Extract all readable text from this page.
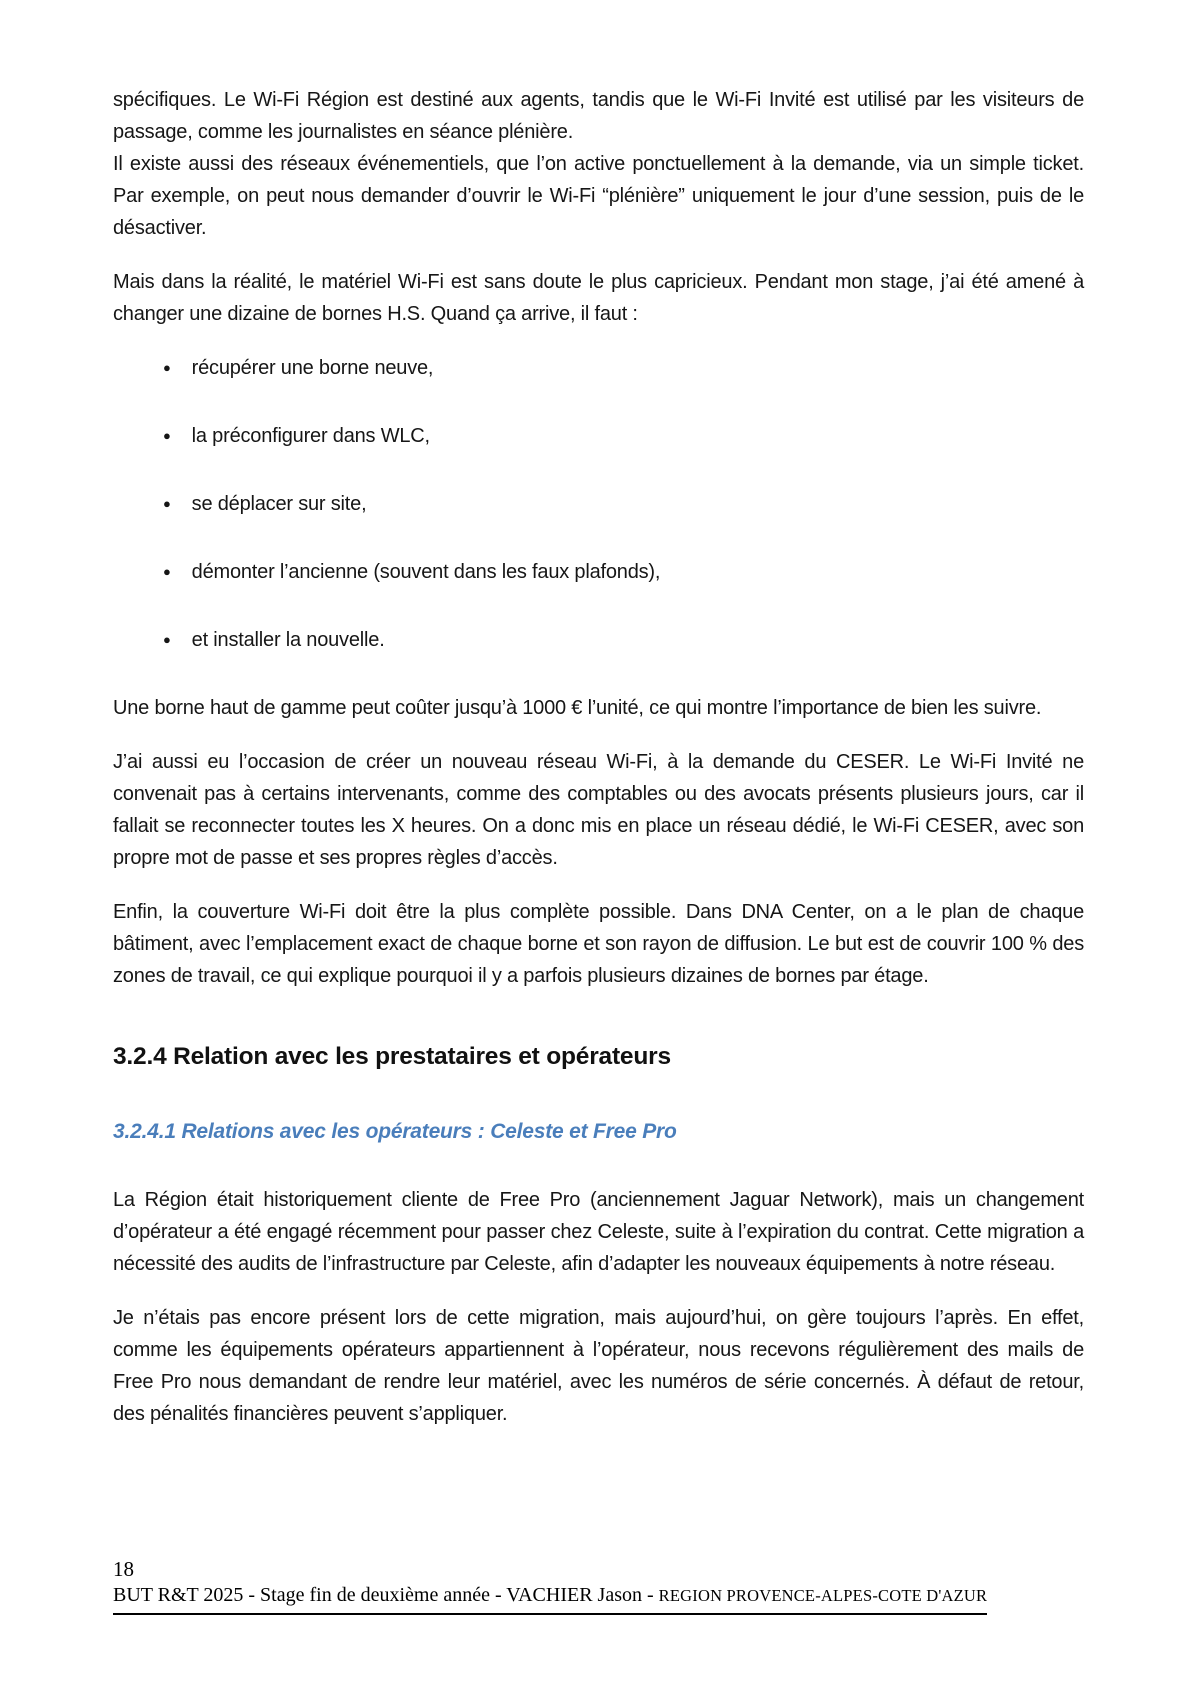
spécifiques. Le Wi-Fi Région est destiné aux agents, tandis que le Wi-Fi Invité est utilisé par les visiteurs de passage, comme les journalistes en séance plénière.

Il existe aussi des réseaux événementiels, que l’on active ponctuellement à la demande, via un simple ticket. Par exemple, on peut nous demander d’ouvrir le Wi-Fi “plénière” uniquement le jour d’une session, puis de le désactiver.

Mais dans la réalité, le matériel Wi-Fi est sans doute le plus capricieux. Pendant mon stage, j’ai été amené à changer une dizaine de bornes H.S. Quand ça arrive, il faut :

● récupérer une borne neuve,
● la préconfigurer dans WLC,
● se déplacer sur site,
● démonter l’ancienne (souvent dans les faux plafonds),
● et installer la nouvelle.

Une borne haut de gamme peut coûter jusqu’à 1000 € l’unité, ce qui montre l’importance de bien les suivre.

J’ai aussi eu l’occasion de créer un nouveau réseau Wi-Fi, à la demande du CESER. Le Wi-Fi Invité ne convenait pas à certains intervenants, comme des comptables ou des avocats présents plusieurs jours, car il fallait se reconnecter toutes les X heures. On a donc mis en place un réseau dédié, le Wi-Fi CESER, avec son propre mot de passe et ses propres règles d’accès.

Enfin, la couverture Wi-Fi doit être la plus complète possible. Dans DNA Center, on a le plan de chaque bâtiment, avec l’emplacement exact de chaque borne et son rayon de diffusion. Le but est de couvrir 100 % des zones de travail, ce qui explique pourquoi il y a parfois plusieurs dizaines de bornes par étage.

3.2.4 Relation avec les prestataires et opérateurs
3.2.4.1 Relations avec les opérateurs : Celeste et Free Pro

La Région était historiquement cliente de Free Pro (anciennement Jaguar Network), mais un changement d’opérateur a été engagé récemment pour passer chez Celeste, suite à l’expiration du contrat. Cette migration a nécessité des audits de l’infrastructure par Celeste, afin d’adapter les nouveaux équipements à notre réseau.

Je n’étais pas encore présent lors de cette migration, mais aujourd’hui, on gère toujours l’après. En effet, comme les équipements opérateurs appartiennent à l’opérateur, nous recevons régulièrement des mails de Free Pro nous demandant de rendre leur matériel, avec les numéros de série concernés. À défaut de retour, des pénalités financières peuvent s’appliquer.

18

BUT R&T 2025 - Stage fin de deuxième année - VACHIER Jason - REGION PROVENCE-ALPES-COTE D'AZUR
